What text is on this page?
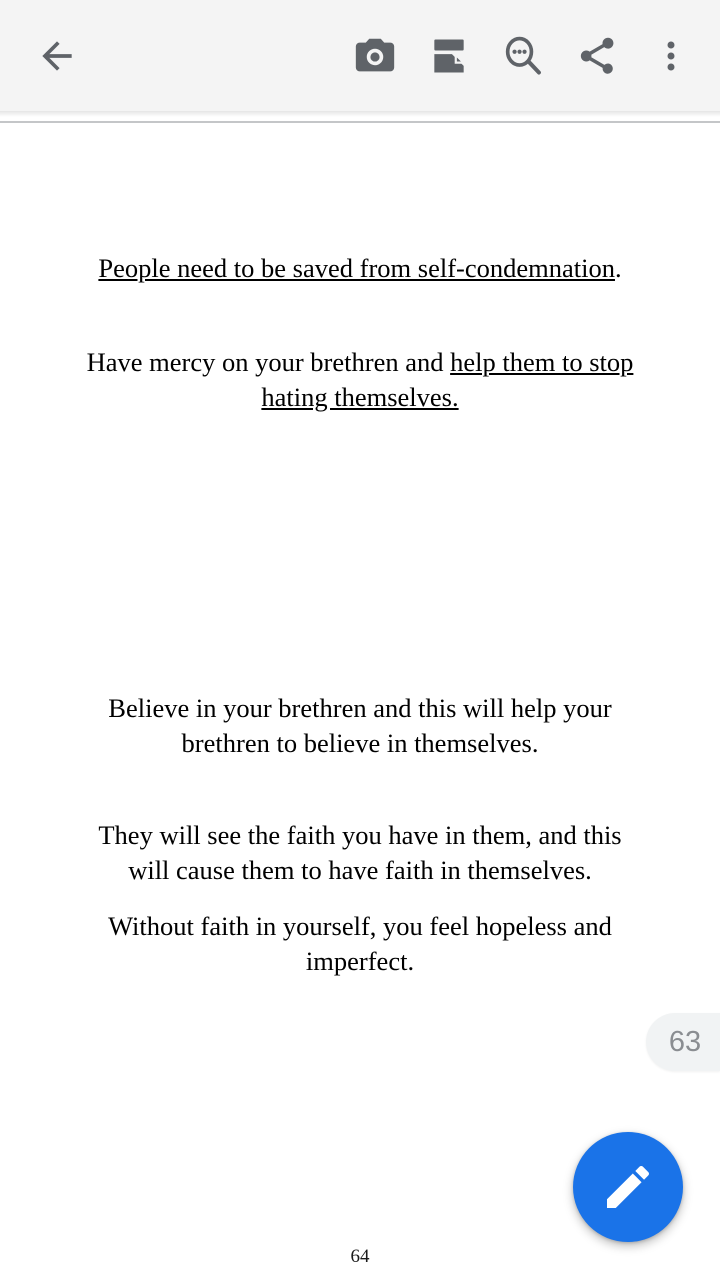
People need to be saved from self-condemnation.

Have mercy on your brethren and help them to stop hating themselves.

Believe in your brethren and this will help your brethren to believe in themselves.

They will see the faith you have in them, and this will cause them to have faith in themselves.

Without faith in yourself, you feel hopeless and imperfect.

64
63
